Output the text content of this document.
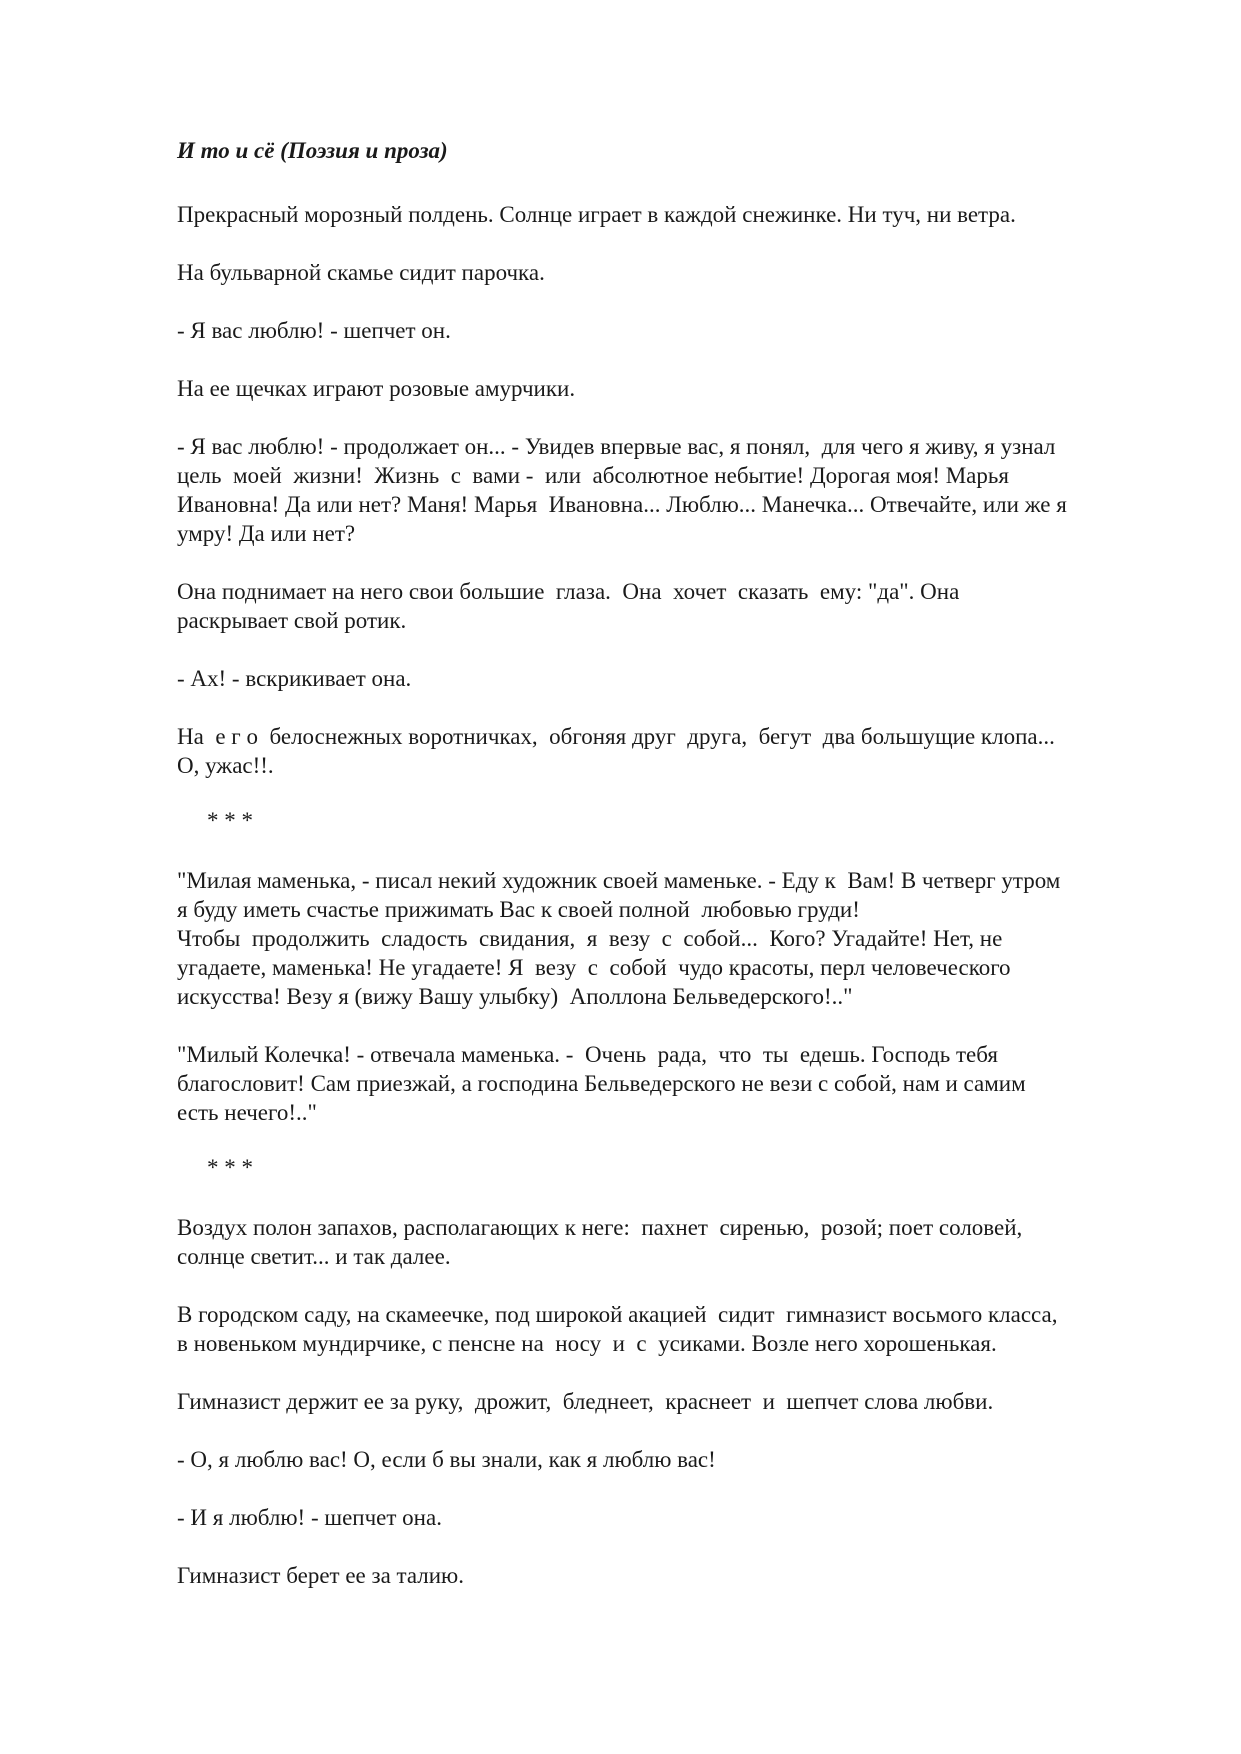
И то и сё (Поэзия и проза)

Прекрасный морозный полдень. Солнце играет в каждой снежинке. Ни туч, ни ветра.

На бульварной скамье сидит парочка.

- Я вас люблю! - шепчет он.

На ее щечках играют розовые амурчики.

- Я вас люблю! - продолжает он... - Увидев впервые вас, я понял,  для чего я живу, я узнал
цель  моей  жизни!  Жизнь  с  вами -  или  абсолютное небытие! Дорогая моя! Марья
Ивановна! Да или нет? Маня! Марья  Ивановна... Люблю... Манечка... Отвечайте, или же я
умру! Да или нет?

Она поднимает на него свои большие  глаза.  Она  хочет  сказать  ему: "да". Она
раскрывает свой ротик.

- Ах! - вскрикивает она.

На  е г о  белоснежных воротничках,  обгоняя друг  друга,  бегут  два большущие клопа...
О, ужас!!.

* * *

"Милая маменька, - писал некий художник своей маменьке. - Еду к  Вам! В четверг утром
я буду иметь счастье прижимать Вас к своей полной  любовью груди!
Чтобы  продолжить  сладость  свидания,  я  везу  с  собой...  Кого? Угадайте! Нет, не
угадаете, маменька! Не угадаете! Я  везу  с  собой  чудо красоты, перл человеческого
искусства! Везу я (вижу Вашу улыбку)  Аполлона Бельведерского!.."

"Милый Колечка! - отвечала маменька. -  Очень  рада,  что  ты  едешь. Господь тебя
благословит! Сам приезжай, а господина Бельведерского не вези с собой, нам и самим
есть нечего!.."

* * *

Воздух полон запахов, располагающих к неге:  пахнет  сиренью,  розой; поет соловей,
солнце светит... и так далее.

В городском саду, на скамеечке, под широкой акацией  сидит  гимназист восьмого класса,
в новеньком мундирчике, с пенсне на  носу  и  с  усиками. Возле него хорошенькая.

Гимназист держит ее за руку,  дрожит,  бледнеет,  краснеет  и  шепчет слова любви.

- О, я люблю вас! О, если б вы знали, как я люблю вас!

- И я люблю! - шепчет она.

Гимназист берет ее за талию.
